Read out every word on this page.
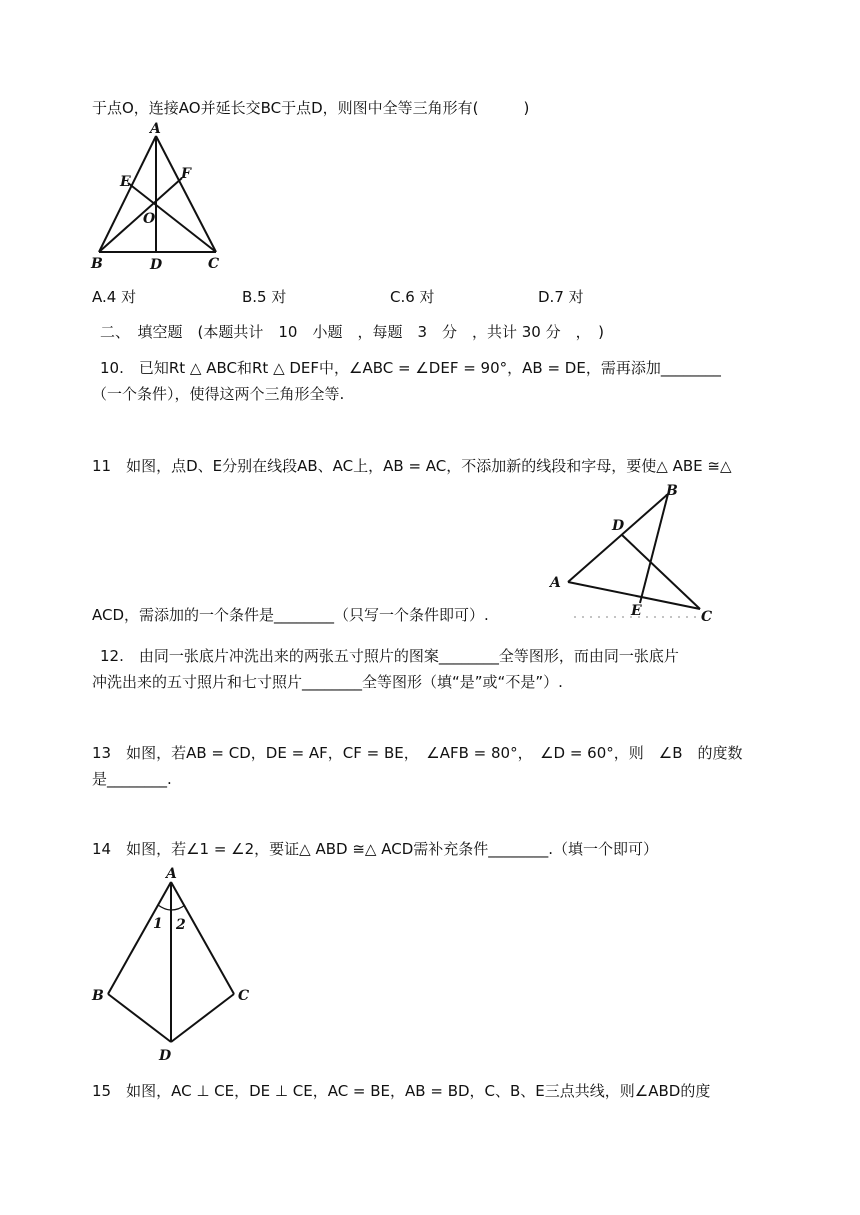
于点O，连接AO并延长交BC于点D，则图中全等三角形有(　　　)
A
E	F
O
B	D	C
A.4 对	B.5 对	C.6 对	D.7 对
二、　填空题　(本题共计　10　小题　，每题　3　分　，共计 30 分　，　)
10.　已知Rt △ ABC和Rt △ DEF中，∠ABC = ∠DEF = 90°，AB = DE，需再添加________
（一个条件），使得这两个三角形全等.
11　如图，点D、E分别在线段AB、AC上，AB = AC，不添加新的线段和字母，要使△ ABE ≅△
ACD，需添加的一个条件是________（只写一个条件即可）.
B
D
A
E	C
12.　由同一张底片冲洗出来的两张五寸照片的图案________全等图形，而由同一张底片
冲洗出来的五寸照片和七寸照片________全等图形（填“是”或“不是”）.
13　如图，若AB = CD，DE = AF，CF = BE，　∠AFB = 80°，　∠D = 60°，则　∠B　的度数
是________.
14　如图，若∠1 = ∠2，要证△ ABD ≅△ ACD需补充条件________.（填一个即可）
A
1 2
B	C
D
15　如图，AC ⊥ CE，DE ⊥ CE，AC = BE，AB = BD，C、B、E三点共线，则∠ABD的度
